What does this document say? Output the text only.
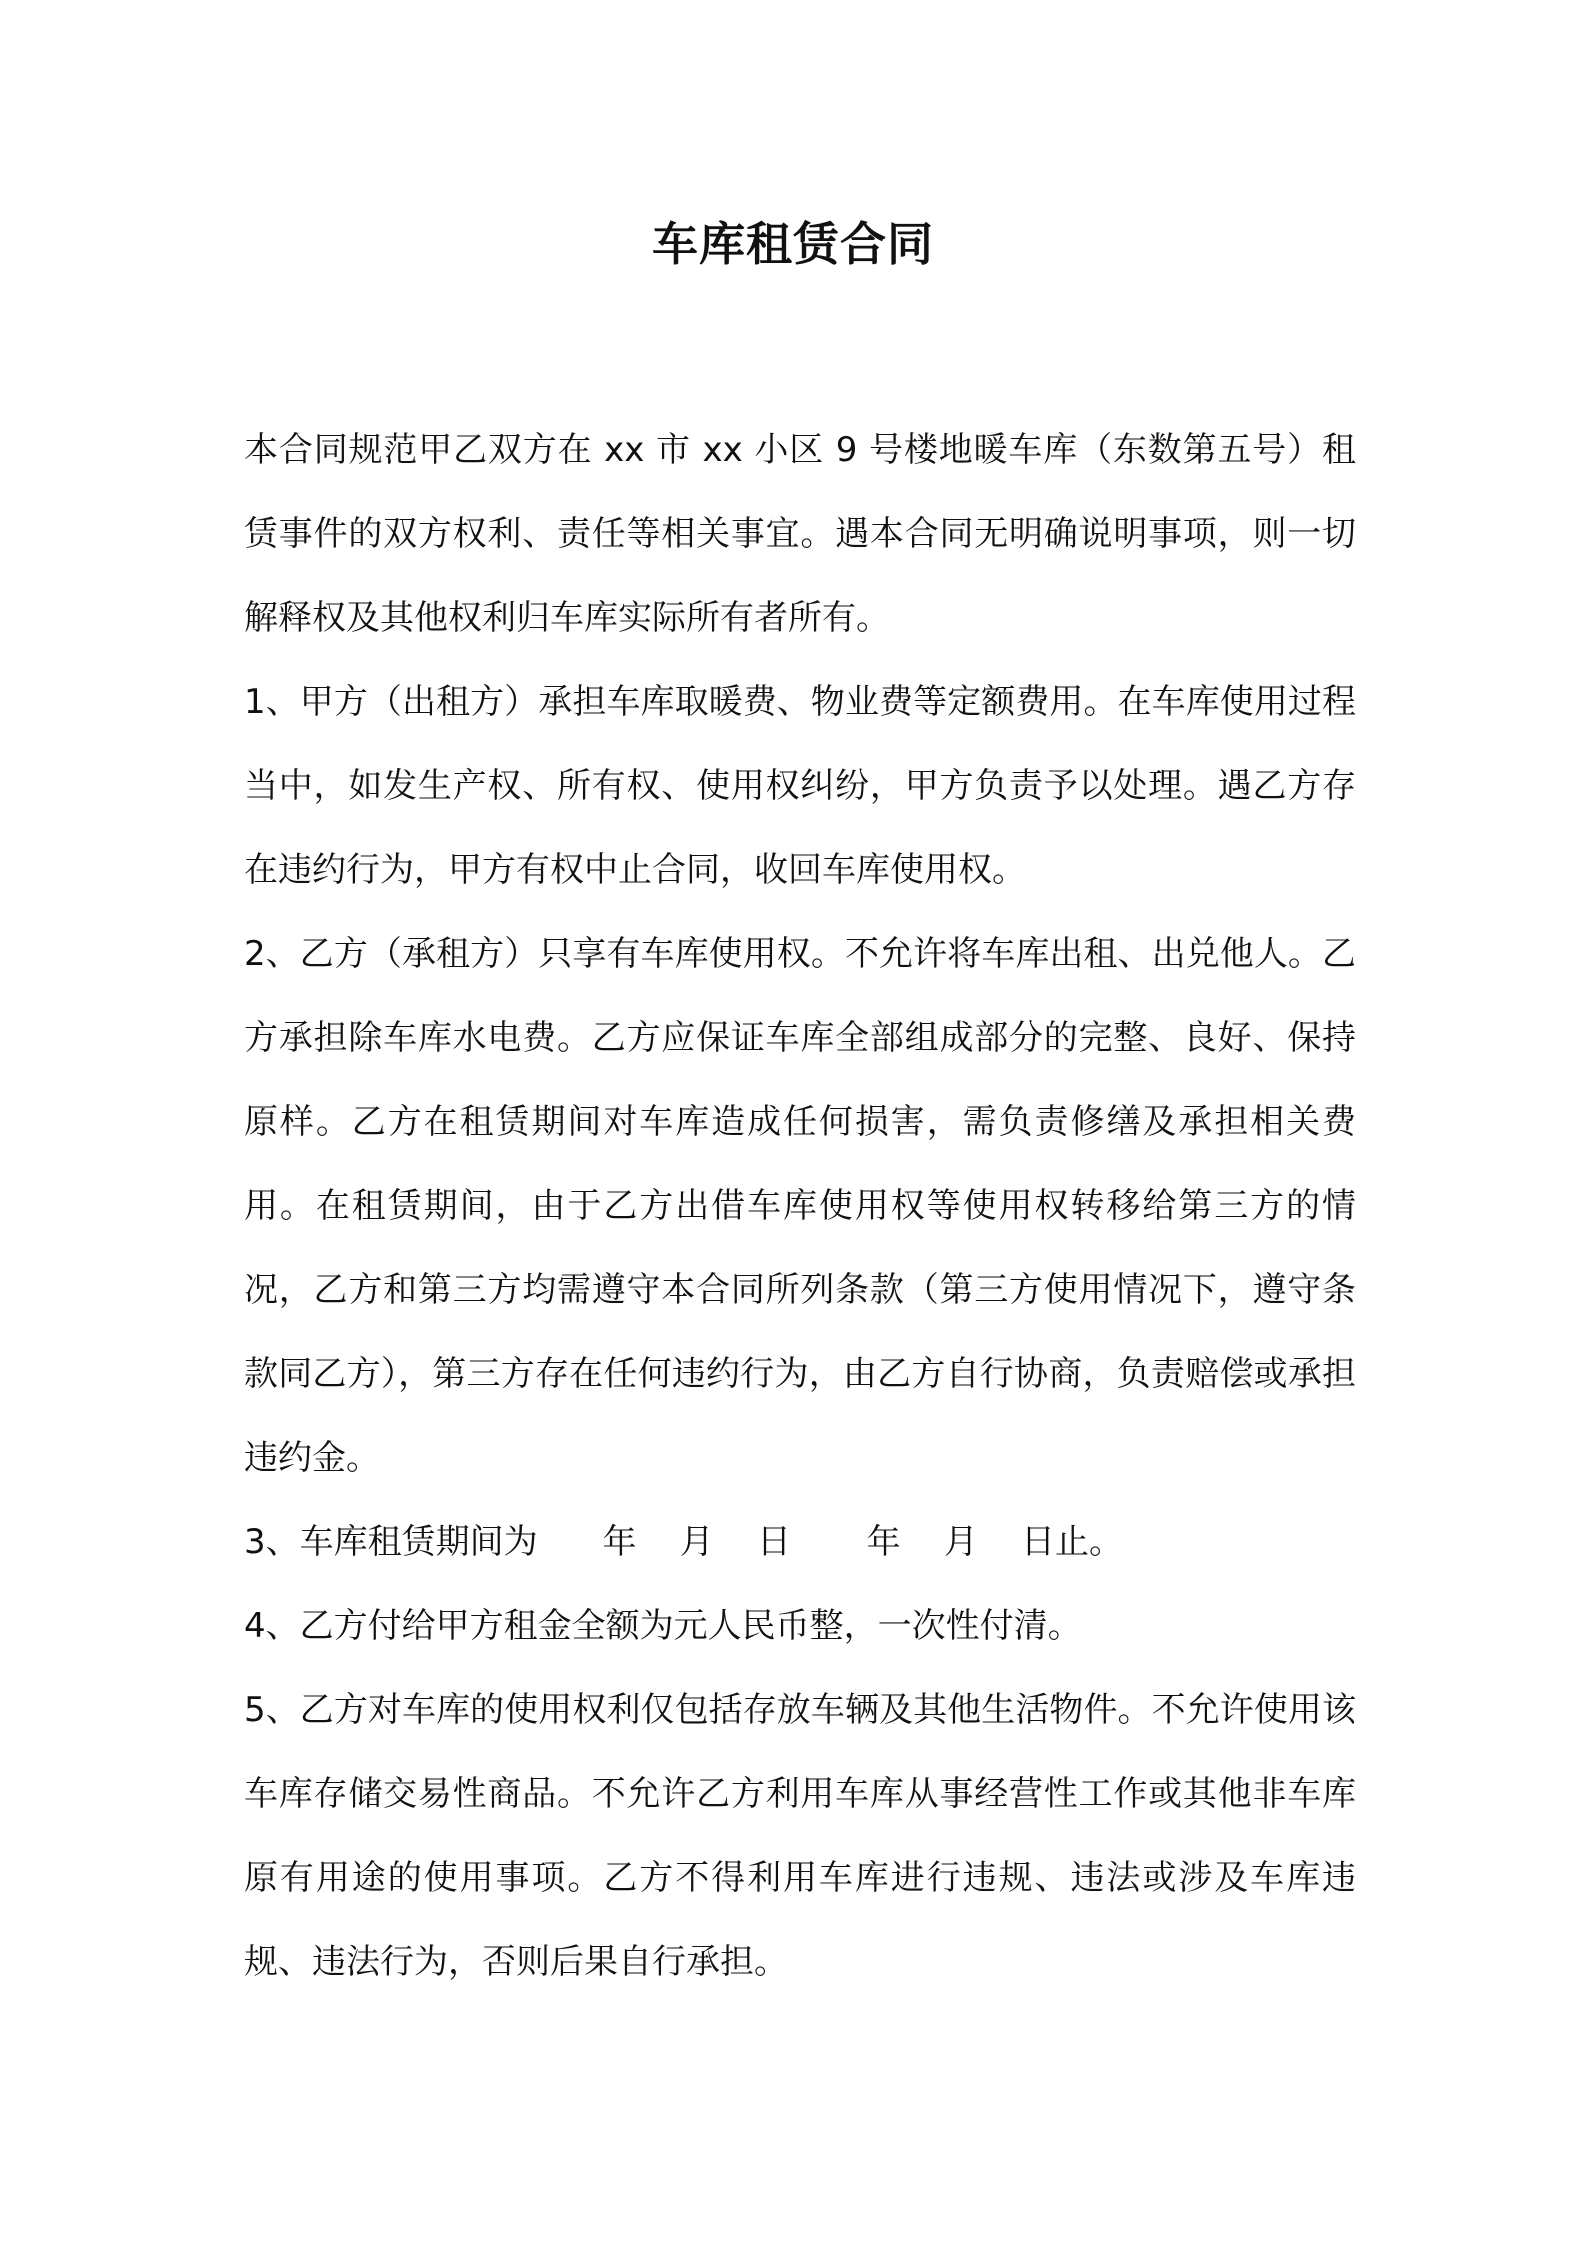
车库租赁合同

本合同规范甲乙双方在 xx 市 xx 小区 9 号楼地暖车库（东数第五号）租赁事件的双方权利、责任等相关事宜。遇本合同无明确说明事项，则一切解释权及其他权利归车库实际所有者所有。

1、甲方（出租方）承担车库取暖费、物业费等定额费用。在车库使用过程当中，如发生产权、所有权、使用权纠纷，甲方负责予以处理。遇乙方存在违约行为，甲方有权中止合同，收回车库使用权。

2、乙方（承租方）只享有车库使用权。不允许将车库出租、出兑他人。乙方承担除车库水电费。乙方应保证车库全部组成部分的完整、良好、保持原样。乙方在租赁期间对车库造成任何损害，需负责修缮及承担相关费用。在租赁期间，由于乙方出借车库使用权等使用权转移给第三方的情况，乙方和第三方均需遵守本合同所列条款（第三方使用情况下，遵守条款同乙方），第三方存在任何违约行为，由乙方自行协商，负责赔偿或承担违约金。

3、车库租赁期间为      年    月    日       年    月    日止。

4、乙方付给甲方租金全额为元人民币整，一次性付清。

5、乙方对车库的使用权利仅包括存放车辆及其他生活物件。不允许使用该车库存储交易性商品。不允许乙方利用车库从事经营性工作或其他非车库原有用途的使用事项。乙方不得利用车库进行违规、违法或涉及车库违规、违法行为，否则后果自行承担。
